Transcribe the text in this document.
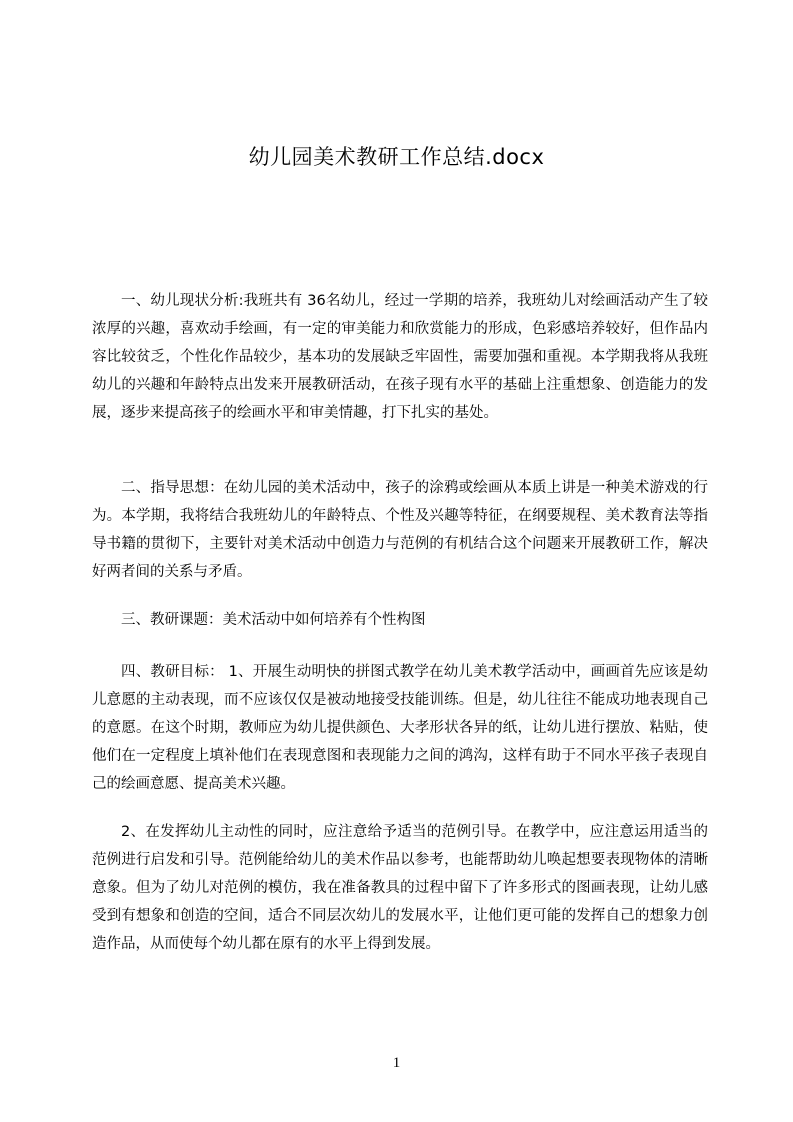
幼儿园美术教研工作总结.docx

一、幼儿现状分析:我班共有 36名幼儿，经过一学期的培养，我班幼儿对绘画活动产生了较浓厚的兴趣，喜欢动手绘画，有一定的审美能力和欣赏能力的形成，色彩感培养较好，但作品内容比较贫乏，个性化作品较少，基本功的发展缺乏牢固性，需要加强和重视。本学期我将从我班幼儿的兴趣和年龄特点出发来开展教研活动，在孩子现有水平的基础上注重想象、创造能力的发展，逐步来提高孩子的绘画水平和审美情趣，打下扎实的基处。

二、指导思想：在幼儿园的美术活动中，孩子的涂鸦或绘画从本质上讲是一种美术游戏的行为。本学期，我将结合我班幼儿的年龄特点、个性及兴趣等特征，在纲要规程、美术教育法等指导书籍的贯彻下，主要针对美术活动中创造力与范例的有机结合这个问题来开展教研工作，解决好两者间的关系与矛盾。

三、教研课题：美术活动中如何培养有个性构图

四、教研目标： 1、开展生动明快的拼图式教学在幼儿美术教学活动中，画画首先应该是幼儿意愿的主动表现，而不应该仅仅是被动地接受技能训练。但是，幼儿往往不能成功地表现自己的意愿。在这个时期，教师应为幼儿提供颜色、大孝形状各异的纸，让幼儿进行摆放、粘贴，使他们在一定程度上填补他们在表现意图和表现能力之间的鸿沟，这样有助于不同水平孩子表现自己的绘画意愿、提高美术兴趣。

2、在发挥幼儿主动性的同时，应注意给予适当的范例引导。在教学中，应注意运用适当的范例进行启发和引导。范例能给幼儿的美术作品以参考，也能帮助幼儿唤起想要表现物体的清晰意象。但为了幼儿对范例的模仿，我在准备教具的过程中留下了许多形式的图画表现，让幼儿感受到有想象和创造的空间，适合不同层次幼儿的发展水平，让他们更可能的发挥自己的想象力创造作品，从而使每个幼儿都在原有的水平上得到发展。

1
